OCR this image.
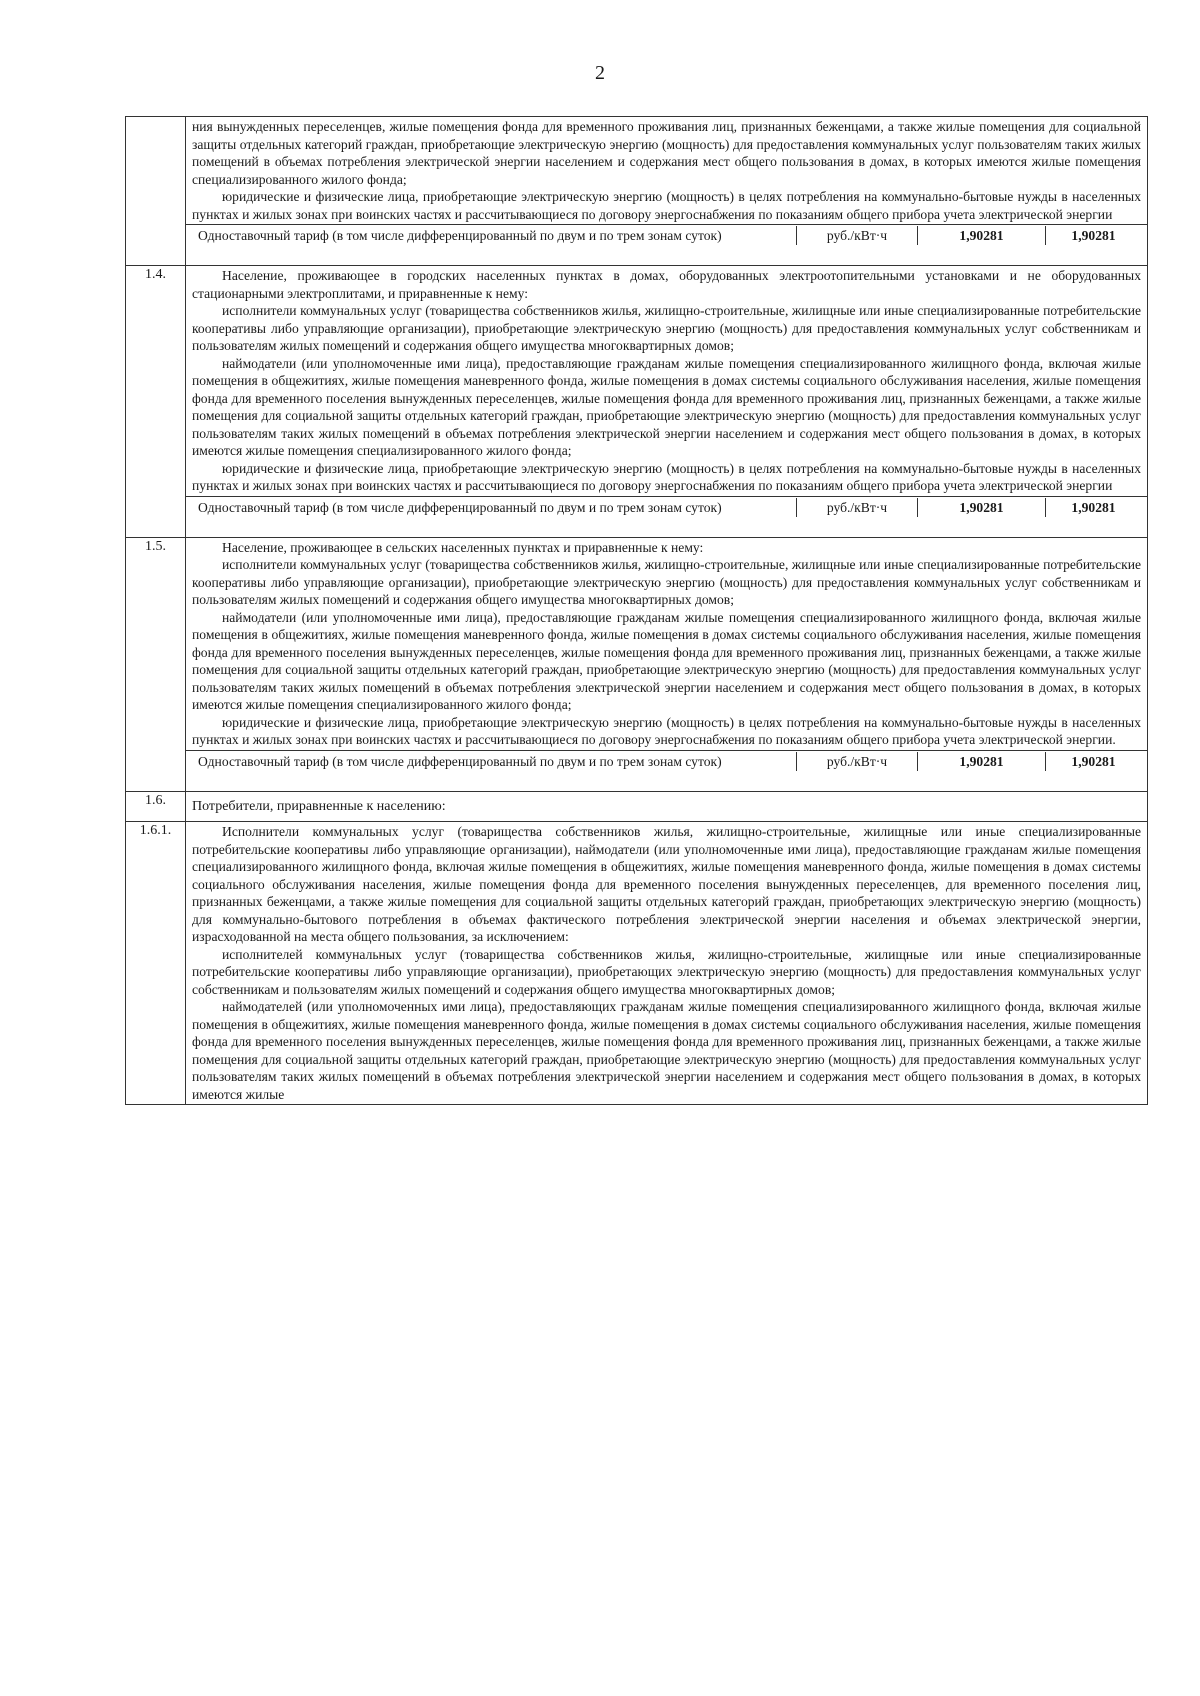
2

ния вынужденных переселенцев, жилые помещения фонда для временного проживания лиц, признанных беженцами, а также жилые помещения для социальной защиты отдельных категорий граждан, приобретающие электрическую энергию (мощность) для предоставления коммунальных услуг пользователям таких жилых помещений в объемах потребления электрической энергии населением и содержания мест общего пользования в домах, в которых имеются жилые помещения специализированного жилого фонда;

юридические и физические лица, приобретающие электрическую энергию (мощность) в целях потребления на коммунально-бытовые нужды в населенных пунктах и жилых зонах при воинских частях и рассчитывающиеся по договору энергоснабжения по показаниям общего прибора учета электрической энергии

Одноставочный тариф (в том числе дифференцированный по двум и по трем зонам суток)	руб./кВт·ч	1,90281	1,90281

1.4.	Население, проживающее в городских населенных пунктах в домах, оборудованных электроотопительными установками и не оборудованных стационарными электроплитами, и приравненные к нему:

исполнители коммунальных услуг (товарищества собственников жилья, жилищно-строительные, жилищные или иные специализированные потребительские кооперативы либо управляющие организации), приобретающие электрическую энергию (мощность) для предоставления коммунальных услуг собственникам и пользователям жилых помещений и содержания общего имущества многоквартирных домов;

наймодатели (или уполномоченные ими лица), предоставляющие гражданам жилые помещения специализированного жилищного фонда, включая жилые помещения в общежитиях, жилые помещения маневренного фонда, жилые помещения в домах системы социального обслуживания населения, жилые помещения фонда для временного поселения вынужденных переселенцев, жилые помещения фонда для временного проживания лиц, признанных беженцами, а также жилые помещения для социальной защиты отдельных категорий граждан, приобретающие электрическую энергию (мощность) для предоставления коммунальных услуг пользователям таких жилых помещений в объемах потребления электрической энергии населением и содержания мест общего пользования в домах, в которых имеются жилые помещения специализированного жилого фонда;

юридические и физические лица, приобретающие электрическую энергию (мощность) в целях потребления на коммунально-бытовые нужды в населенных пунктах и жилых зонах при воинских частях и рассчитывающиеся по договору энергоснабжения по показаниям общего прибора учета электрической энергии

Одноставочный тариф (в том числе дифференцированный по двум и по трем зонам суток)	руб./кВт·ч	1,90281	1,90281

1.5.	Население, проживающее в сельских населенных пунктах и приравненные к нему:

исполнители коммунальных услуг (товарищества собственников жилья, жилищно-строительные, жилищные или иные специализированные потребительские кооперативы либо управляющие организации), приобретающие электрическую энергию (мощность) для предоставления коммунальных услуг собственникам и пользователям жилых помещений и содержания общего имущества многоквартирных домов;

наймодатели (или уполномоченные ими лица), предоставляющие гражданам жилые помещения специализированного жилищного фонда, включая жилые помещения в общежитиях, жилые помещения маневренного фонда, жилые помещения в домах системы социального обслуживания населения, жилые помещения фонда для временного поселения вынужденных переселенцев, жилые помещения фонда для временного проживания лиц, признанных беженцами, а также жилые помещения для социальной защиты отдельных категорий граждан, приобретающие электрическую энергию (мощность) для предоставления коммунальных услуг пользователям таких жилых помещений в объемах потребления электрической энергии населением и содержания мест общего пользования в домах, в которых имеются жилые помещения специализированного жилого фонда;

юридические и физические лица, приобретающие электрическую энергию (мощность) в целях потребления на коммунально-бытовые нужды в населенных пунктах и жилых зонах при воинских частях и рассчитывающиеся по договору энергоснабжения по показаниям общего прибора учета электрической энергии.

Одноставочный тариф (в том числе дифференцированный по двум и по трем зонам суток)	руб./кВт·ч	1,90281	1,90281

1.6.	Потребители, приравненные к населению:
1.6.1.	Исполнители коммунальных услуг (товарищества собственников жилья, жилищно-строительные, жилищные или иные специализированные потребительские кооперативы либо управляющие организации), наймодатели (или уполномоченные ими лица), предоставляющие гражданам жилые помещения специализированного жилищного фонда, включая жилые помещения в общежитиях, жилые помещения маневренного фонда, жилые помещения в домах системы социального обслуживания населения, жилые помещения фонда для временного поселения вынужденных переселенцев, для временного поселения лиц, признанных беженцами, а также жилые помещения для социальной защиты отдельных категорий граждан, приобретающих электрическую энергию (мощность) для коммунально-бытового потребления в объемах фактического потребления электрической энергии населения и объемах электрической энергии, израсходованной на места общего пользования, за исключением:

исполнителей коммунальных услуг (товарищества собственников жилья, жилищно-строительные, жилищные или иные специализированные потребительские кооперативы либо управляющие организации), приобретающих электрическую энергию (мощность) для предоставления коммунальных услуг собственникам и пользователям жилых помещений и содержания общего имущества многоквартирных домов;

наймодателей (или уполномоченных ими лица), предоставляющих гражданам жилые помещения специализированного жилищного фонда, включая жилые помещения в общежитиях, жилые помещения маневренного фонда, жилые помещения в домах системы социального обслуживания населения, жилые помещения фонда для временного поселения вынужденных переселенцев, жилые помещения фонда для временного проживания лиц, признанных беженцами, а также жилые помещения для социальной защиты отдельных категорий граждан, приобретающие электрическую энергию (мощность) для предоставления коммунальных услуг пользователям таких жилых помещений в объемах потребления электрической энергии населением и содержания мест общего пользования в домах, в которых имеются жилые
